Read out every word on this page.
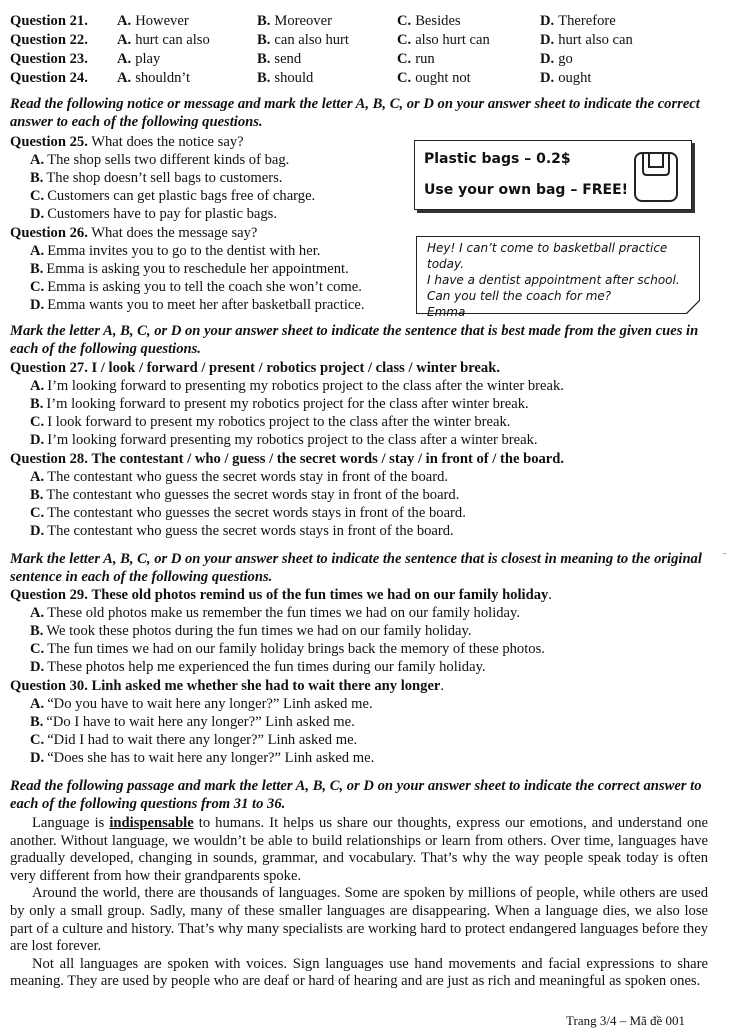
Question 21. A. However	B. Moreover	C. Besides	D. Therefore
Question 22. A. hurt can also	B. can also hurt	C. also hurt can	D. hurt also can
Question 23. A. play	B. send	C. run	D. go
Question 24. A. shouldn’t	B. should	C. ought not	D. ought
Read the following notice or message and mark the letter A, B, C, or D on your answer sheet to indicate the correct answer to each of the following questions.
Question 25. What does the notice say?
A. The shop sells two different kinds of bag.
B. The shop doesn’t sell bags to customers.
C. Customers can get plastic bags free of charge.
D. Customers have to pay for plastic bags.
Plastic bags – 0.2$
Use your own bag – FREE!
Question 26. What does the message say?
A. Emma invites you to go to the dentist with her.
B. Emma is asking you to reschedule her appointment.
C. Emma is asking you to tell the coach she won’t come.
D. Emma wants you to meet her after basketball practice.
Hey! I can’t come to basketball practice today.
I have a dentist appointment after school.
Can you tell the coach for me?
Emma
Mark the letter A, B, C, or D on your answer sheet to indicate the sentence that is best made from the given cues in each of the following questions.
Question 27. I / look / forward / present / robotics project / class / winter break.
A. I’m looking forward to presenting my robotics project to the class after the winter break.
B. I’m looking forward to present my robotics project for the class after winter break.
C. I look forward to present my robotics project to the class after the winter break.
D. I’m looking forward presenting my robotics project to the class after a winter break.
Question 28. The contestant / who / guess / the secret words / stay / in front of / the board.
A. The contestant who guess the secret words stay in front of the board.
B. The contestant who guesses the secret words stay in front of the board.
C. The contestant who guesses the secret words stays in front of the board.
D. The contestant who guess the secret words stays in front of the board.
Mark the letter A, B, C, or D on your answer sheet to indicate the sentence that is closest in meaning to the original sentence in each of the following questions.
Question 29. These old photos remind us of the fun times we had on our family holiday.
A. These old photos make us remember the fun times we had on our family holiday.
B. We took these photos during the fun times we had on our family holiday.
C. The fun times we had on our family holiday brings back the memory of these photos.
D. These photos help me experienced the fun times during our family holiday.
Question 30. Linh asked me whether she had to wait there any longer.
A. “Do you have to wait here any longer?” Linh asked me.
B. “Do I have to wait here any longer?” Linh asked me.
C. “Did I had to wait there any longer?” Linh asked me.
D. “Does she has to wait here any longer?” Linh asked me.
Read the following passage and mark the letter A, B, C, or D on your answer sheet to indicate the correct answer to each of the following questions from 31 to 36.

Language is indispensable to humans. It helps us share our thoughts, express our emotions, and understand one another. Without language, we wouldn’t be able to build relationships or learn from others. Over time, languages have gradually developed, changing in sounds, grammar, and vocabulary. That’s why the way people speak today is often very different from how their grandparents spoke.

Around the world, there are thousands of languages. Some are spoken by millions of people, while others are used by only a small group. Sadly, many of these smaller languages are disappearing. When a language dies, we also lose part of a culture and history. That’s why many specialists are working hard to protect endangered languages before they are lost forever.

Not all languages are spoken with voices. Sign languages use hand movements and facial expressions to share meaning. They are used by people who are deaf or hard of hearing and are just as rich and meaningful as spoken ones.

Trang 3/4 – Mã đề 001
⁻
